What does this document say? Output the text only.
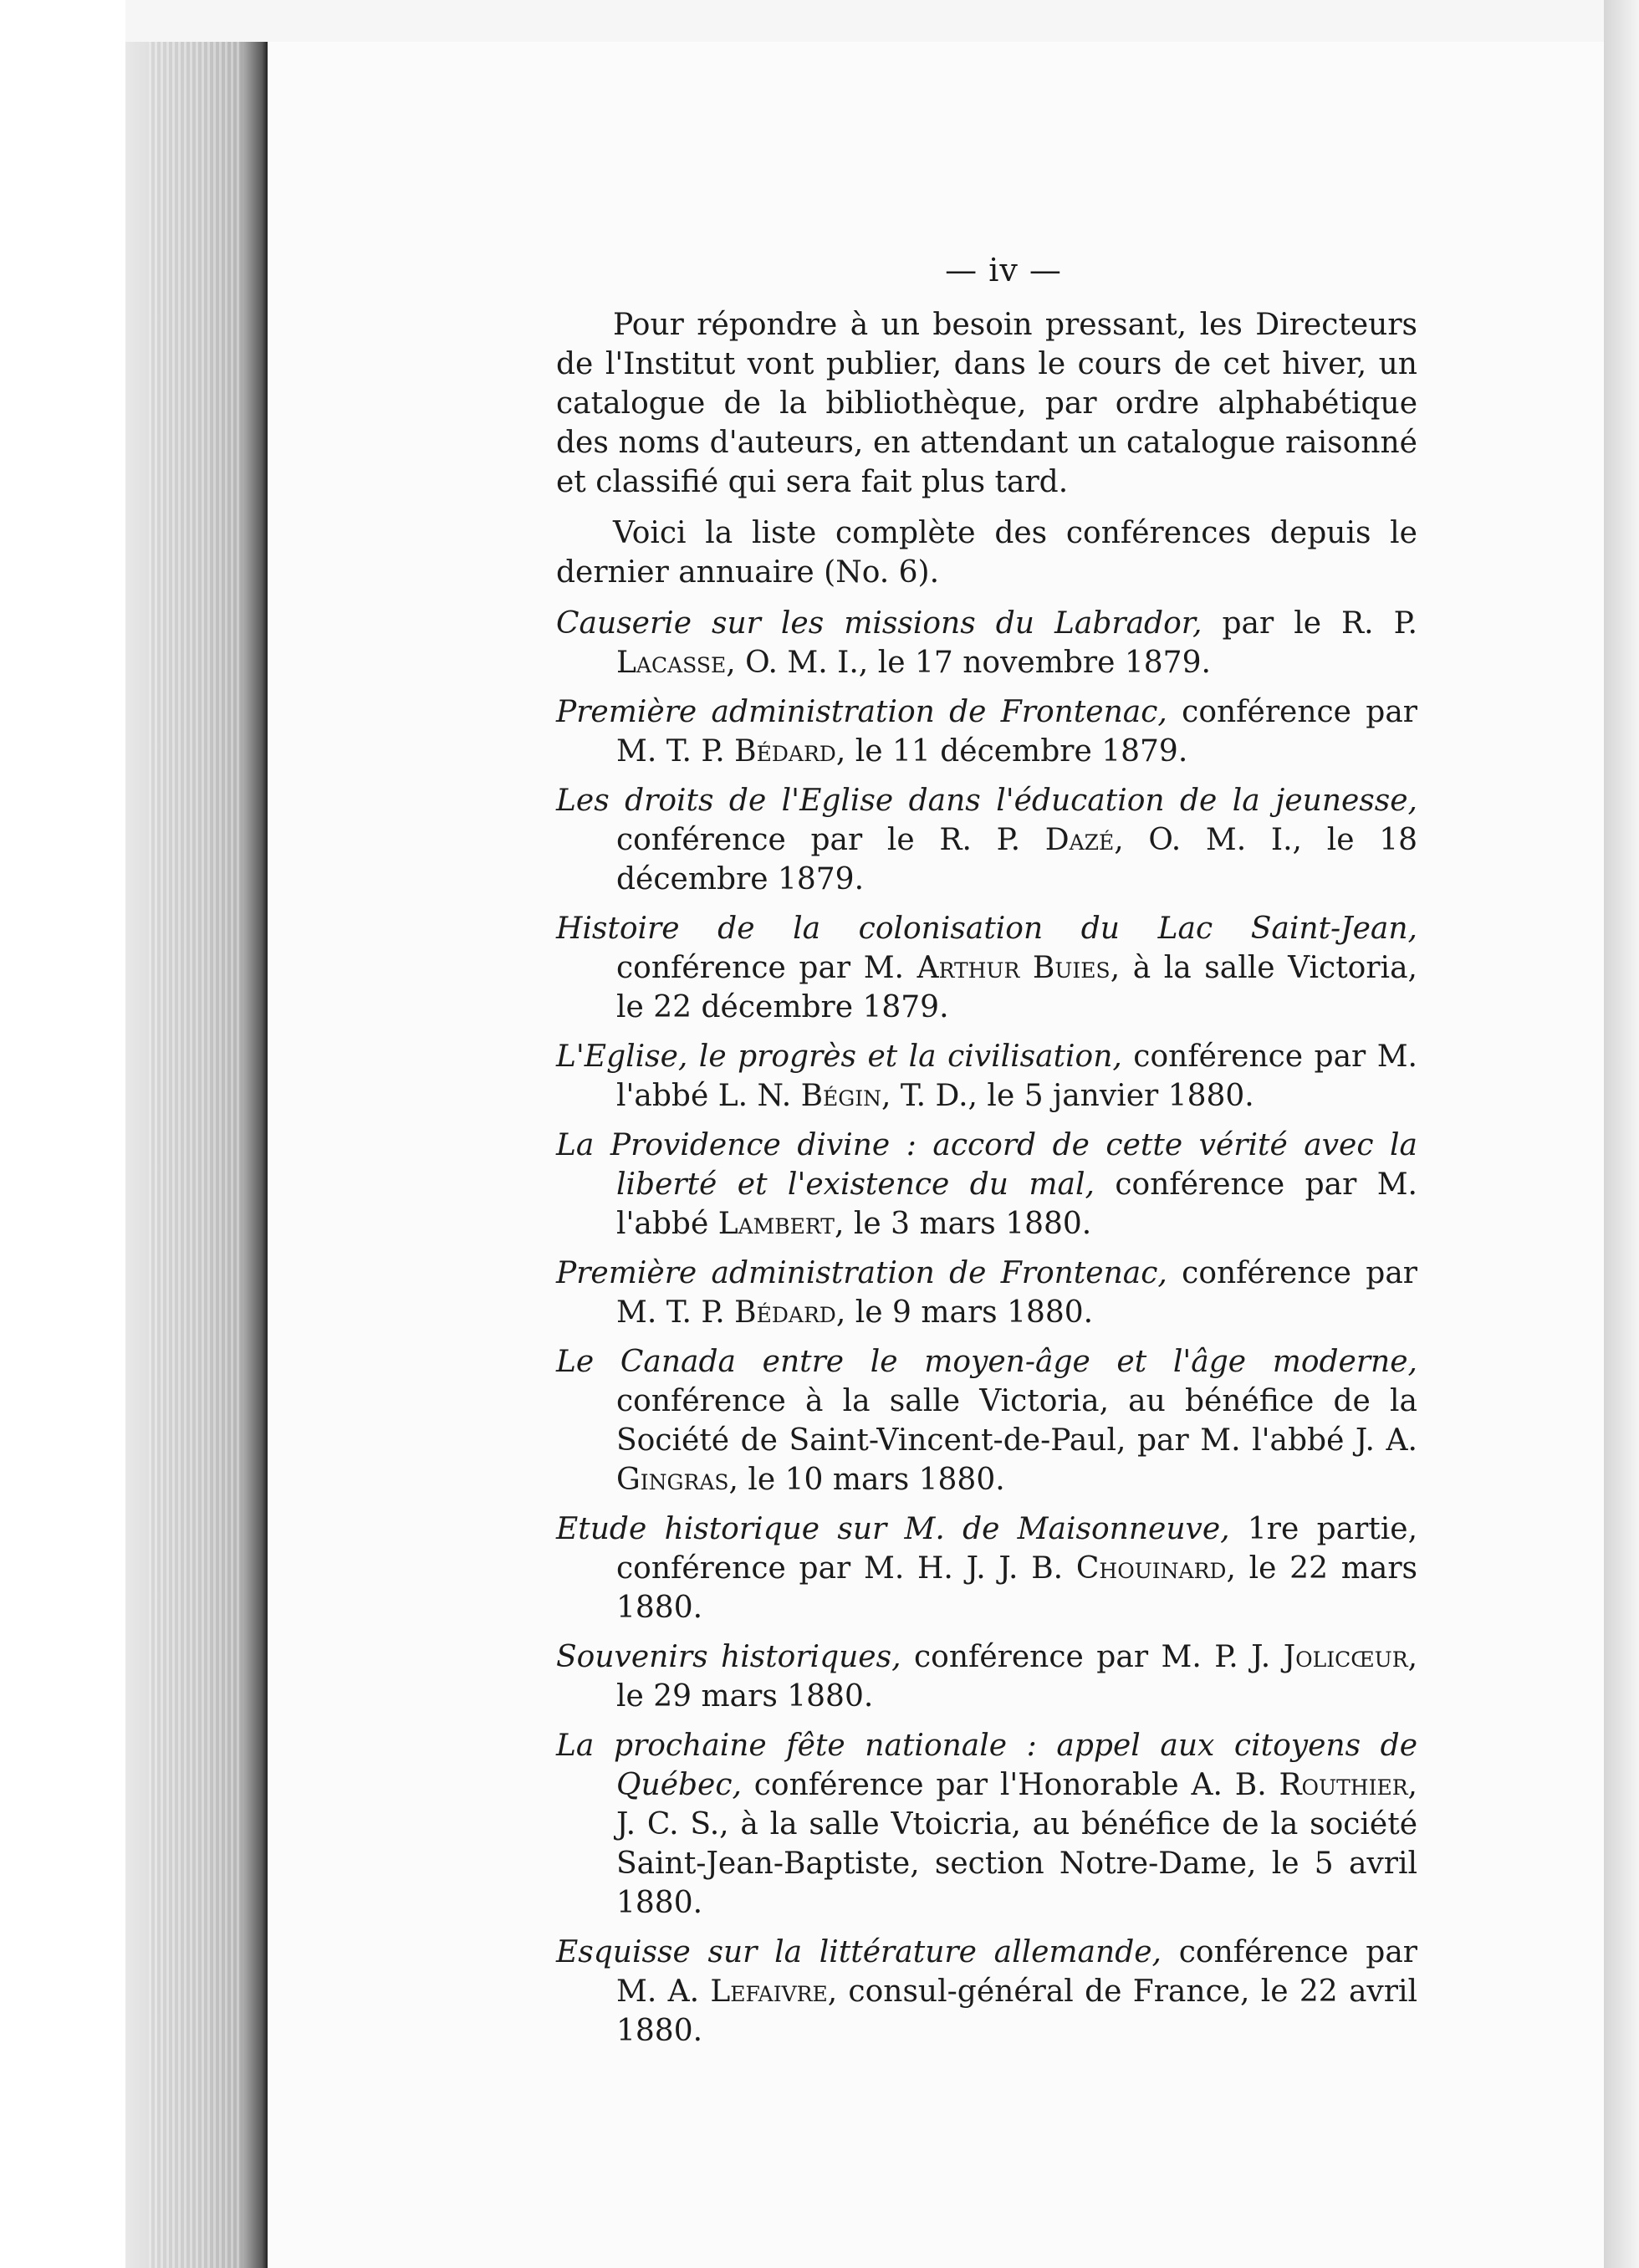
— iv —

Pour répondre à un besoin pressant, les Directeurs de l'Institut vont publier, dans le cours de cet hiver, un catalogue de la bibliothèque, par ordre alphabétique des noms d'auteurs, en attendant un catalogue raisonné et classifié qui sera fait plus tard.

Voici la liste complète des conférences depuis le dernier annuaire (No. 6).

Causerie sur les missions du Labrador, par le R. P. Lacasse, O. M. I., le 17 novembre 1879.

Première administration de Frontenac, conférence par M. T. P. Bédard, le 11 décembre 1879.

Les droits de l'Eglise dans l'éducation de la jeunesse, conférence par le R. P. Dazé, O. M. I., le 18 décembre 1879.

Histoire de la colonisation du Lac Saint-Jean, conférence par M. Arthur Buies, à la salle Victoria, le 22 décembre 1879.

L'Eglise, le progrès et la civilisation, conférence par M. l'abbé L. N. Bégin, T. D., le 5 janvier 1880.

La Providence divine : accord de cette vérité avec la liberté et l'existence du mal, conférence par M. l'abbé Lambert, le 3 mars 1880.

Première administration de Frontenac, conférence par M. T. P. Bédard, le 9 mars 1880.

Le Canada entre le moyen-âge et l'âge moderne, conférence à la salle Victoria, au bénéfice de la Société de Saint-Vincent-de-Paul, par M. l'abbé J. A. Gingras, le 10 mars 1880.

Etude historique sur M. de Maisonneuve, 1re partie, conférence par M. H. J. J. B. Chouinard, le 22 mars 1880.

Souvenirs historiques, conférence par M. P. J. Jolicœur, le 29 mars 1880.

La prochaine fête nationale : appel aux citoyens de Québec, conférence par l'Honorable A. B. Routhier, J. C. S., à la salle Vtoicria, au bénéfice de la société Saint-Jean-Baptiste, section Notre-Dame, le 5 avril 1880.

Esquisse sur la littérature allemande, conférence par M. A. Lefaivre, consul-général de France, le 22 avril 1880.
